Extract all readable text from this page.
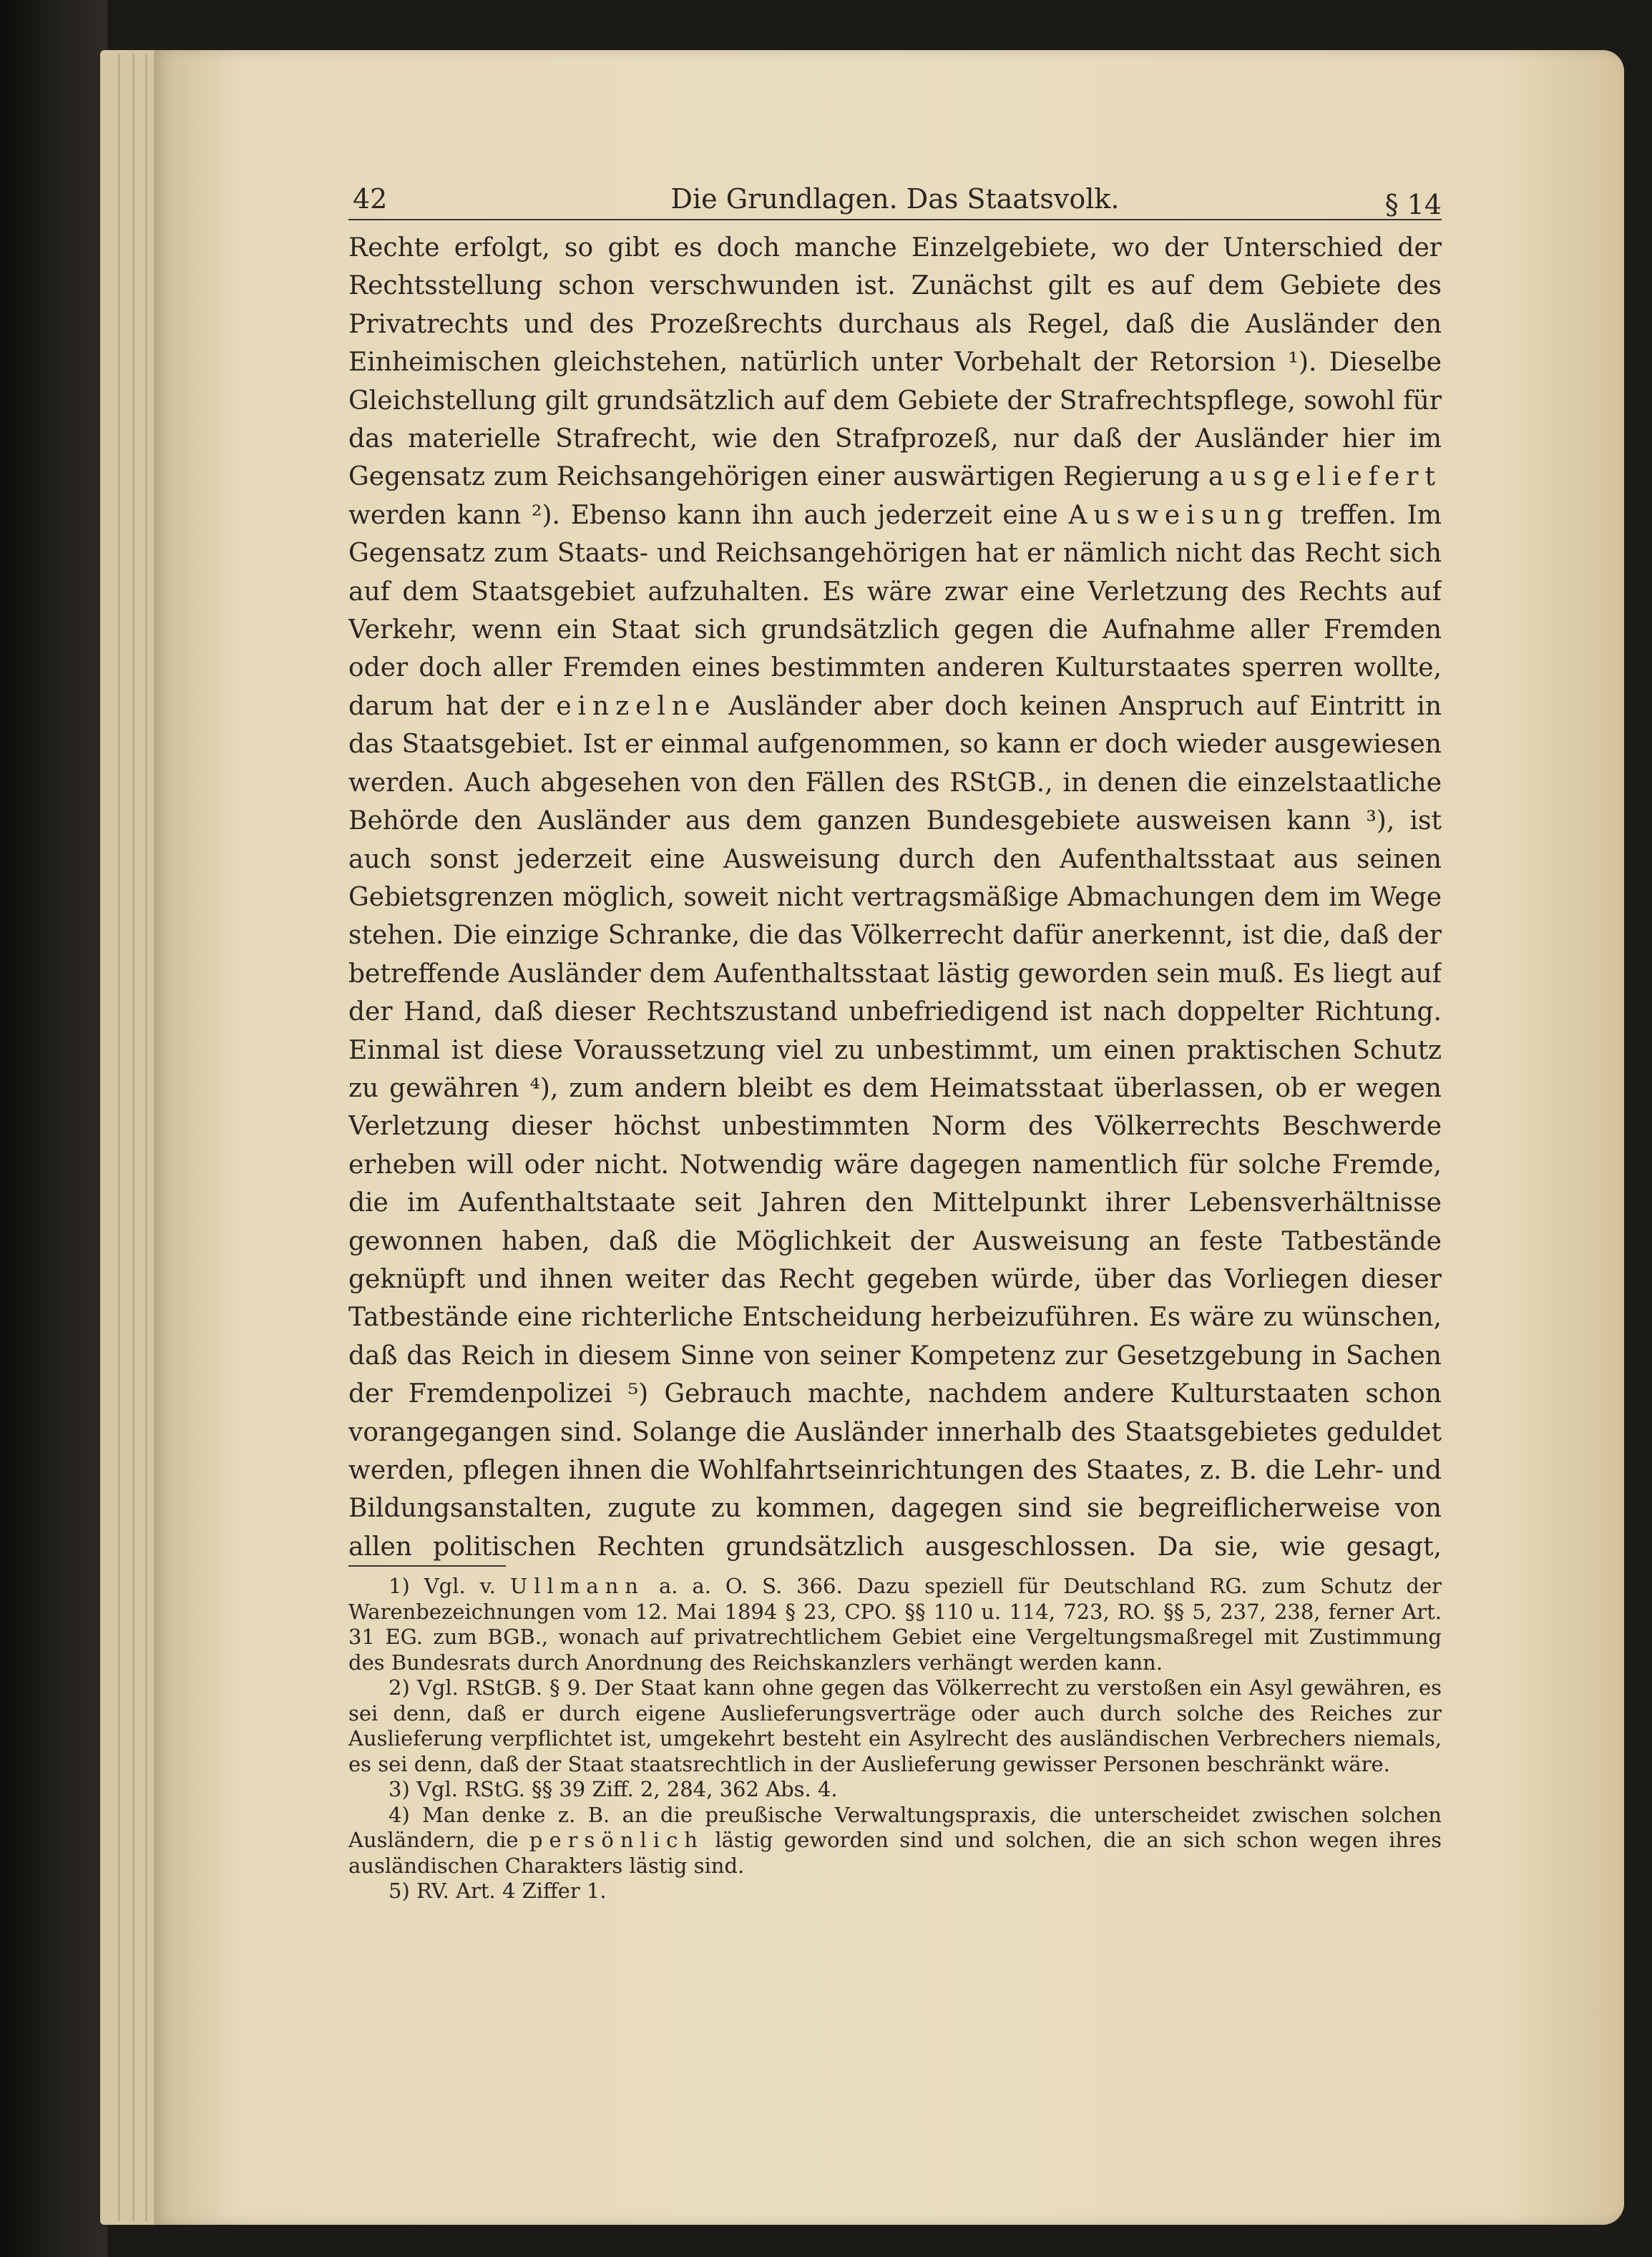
42	Die Grundlagen. Das Staatsvolk.	§ 14
Rechte erfolgt, so gibt es doch manche Einzelgebiete, wo der Unterschied der Rechtsstellung schon verschwunden ist. Zunächst gilt es auf dem Gebiete des Privatrechts und des Prozeßrechts durchaus als Regel, daß die Ausländer den Einheimischen gleichstehen, natürlich unter Vorbehalt der Retorsion ¹). Dieselbe Gleichstellung gilt grundsätzlich auf dem Gebiete der Strafrechtspflege, sowohl für das materielle Strafrecht, wie den Strafprozeß, nur daß der Ausländer hier im Gegensatz zum Reichsangehörigen einer auswärtigen Regierung ausgeliefert werden kann ²). Ebenso kann ihn auch jederzeit eine Ausweisung treffen. Im Gegensatz zum Staats- und Reichsangehörigen hat er nämlich nicht das Recht sich auf dem Staatsgebiet aufzuhalten. Es wäre zwar eine Verletzung des Rechts auf Verkehr, wenn ein Staat sich grundsätzlich gegen die Aufnahme aller Fremden oder doch aller Fremden eines bestimmten anderen Kulturstaates sperren wollte, darum hat der einzelne Ausländer aber doch keinen Anspruch auf Eintritt in das Staatsgebiet. Ist er einmal aufgenommen, so kann er doch wieder ausgewiesen werden. Auch abgesehen von den Fällen des RStGB., in denen die einzelstaatliche Behörde den Ausländer aus dem ganzen Bundesgebiete ausweisen kann ³), ist auch sonst jederzeit eine Ausweisung durch den Aufenthaltsstaat aus seinen Gebietsgrenzen möglich, soweit nicht vertragsmäßige Abmachungen dem im Wege stehen. Die einzige Schranke, die das Völkerrecht dafür anerkennt, ist die, daß der betreffende Ausländer dem Aufenthaltsstaat lästig geworden sein muß. Es liegt auf der Hand, daß dieser Rechtszustand unbefriedigend ist nach doppelter Richtung. Einmal ist diese Voraussetzung viel zu unbestimmt, um einen praktischen Schutz zu gewähren ⁴), zum andern bleibt es dem Heimatsstaat überlassen, ob er wegen Verletzung dieser höchst unbestimmten Norm des Völkerrechts Beschwerde erheben will oder nicht. Notwendig wäre dagegen namentlich für solche Fremde, die im Aufenthaltstaate seit Jahren den Mittelpunkt ihrer Lebensverhältnisse gewonnen haben, daß die Möglichkeit der Ausweisung an feste Tatbestände geknüpft und ihnen weiter das Recht gegeben würde, über das Vorliegen dieser Tatbestände eine richterliche Entscheidung herbeizuführen. Es wäre zu wünschen, daß das Reich in diesem Sinne von seiner Kompetenz zur Gesetzgebung in Sachen der Fremdenpolizei ⁵) Gebrauch machte, nachdem andere Kulturstaaten schon vorangegangen sind. Solange die Ausländer innerhalb des Staatsgebietes geduldet werden, pflegen ihnen die Wohlfahrtseinrichtungen des Staates, z. B. die Lehr- und Bildungsanstalten, zugute zu kommen, dagegen sind sie begreiflicherweise von allen politischen Rechten grundsätzlich ausgeschlossen. Da sie, wie gesagt,

1) Vgl. v. Ullmann a. a. O. S. 366. Dazu speziell für Deutschland RG. zum Schutz der Warenbezeichnungen vom 12. Mai 1894 § 23, CPO. §§ 110 u. 114, 723, RO. §§ 5, 237, 238, ferner Art. 31 EG. zum BGB., wonach auf privatrechtlichem Gebiet eine Vergeltungsmaßregel mit Zustimmung des Bundesrats durch Anordnung des Reichskanzlers verhängt werden kann.

2) Vgl. RStGB. § 9. Der Staat kann ohne gegen das Völkerrecht zu verstoßen ein Asyl gewähren, es sei denn, daß er durch eigene Auslieferungsverträge oder auch durch solche des Reiches zur Auslieferung verpflichtet ist, umgekehrt besteht ein Asylrecht des ausländischen Verbrechers niemals, es sei denn, daß der Staat staatsrechtlich in der Auslieferung gewisser Personen beschränkt wäre.

3) Vgl. RStG. §§ 39 Ziff. 2, 284, 362 Abs. 4.

4) Man denke z. B. an die preußische Verwaltungspraxis, die unterscheidet zwischen solchen Ausländern, die persönlich lästig geworden sind und solchen, die an sich schon wegen ihres ausländischen Charakters lästig sind.

5) RV. Art. 4 Ziffer 1.
